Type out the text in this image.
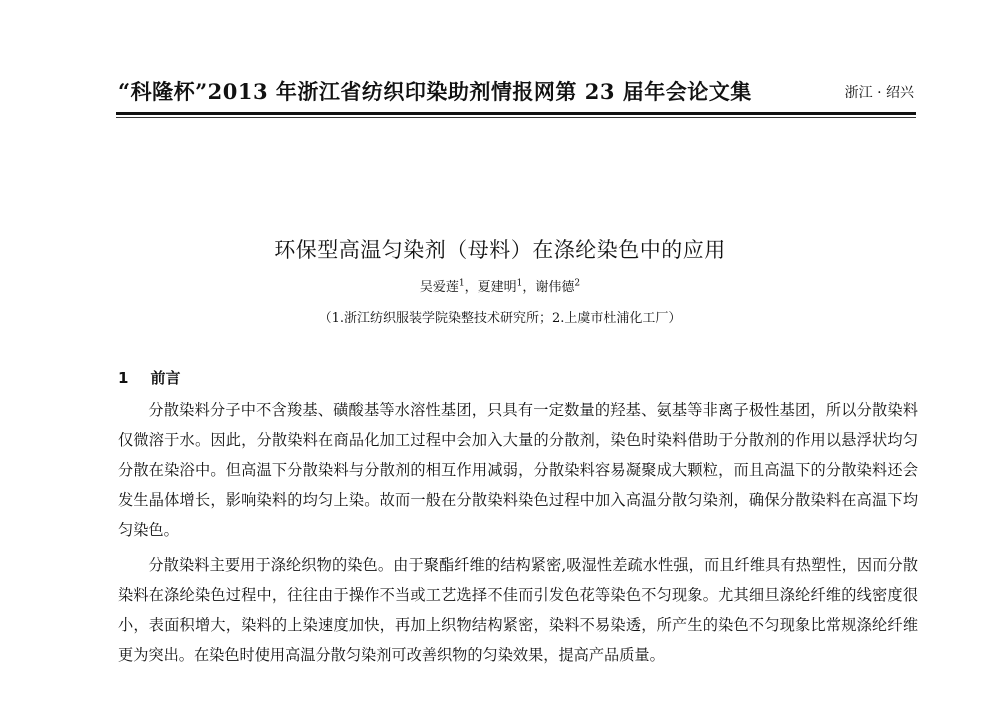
“科隆杯”2013 年浙江省纺织印染助剂情报网第 23 届年会论文集	浙江 · 绍兴
环保型高温匀染剂（母料）在涤纶染色中的应用
吴爱莲$^1$，夏建明$^1$，谢伟德$^2$
（1.浙江纺织服装学院染整技术研究所；2.上虞市杜浦化工厂）
1 前言

分散染料分子中不含羧基、磺酸基等水溶性基团，只具有一定数量的羟基、氨基等非离子极性基团，所以分散染料仅微溶于水。因此，分散染料在商品化加工过程中会加入大量的分散剂，染色时染料借助于分散剂的作用以悬浮状均匀分散在染浴中。但高温下分散染料与分散剂的相互作用减弱，分散染料容易凝聚成大颗粒，而且高温下的分散染料还会发生晶体增长，影响染料的均匀上染。故而一般在分散染料染色过程中加入高温分散匀染剂，确保分散染料在高温下均匀染色。

分散染料主要用于涤纶织物的染色。由于聚酯纤维的结构紧密,吸湿性差疏水性强，而且纤维具有热塑性，因而分散染料在涤纶染色过程中，往往由于操作不当或工艺选择不佳而引发色花等染色不匀现象。尤其细旦涤纶纤维的线密度很小，表面积增大，染料的上染速度加快，再加上织物结构紧密，染料不易染透，所产生的染色不匀现象比常规涤纶纤维更为突出。在染色时使用高温分散匀染剂可改善织物的匀染效果，提高产品质量。
